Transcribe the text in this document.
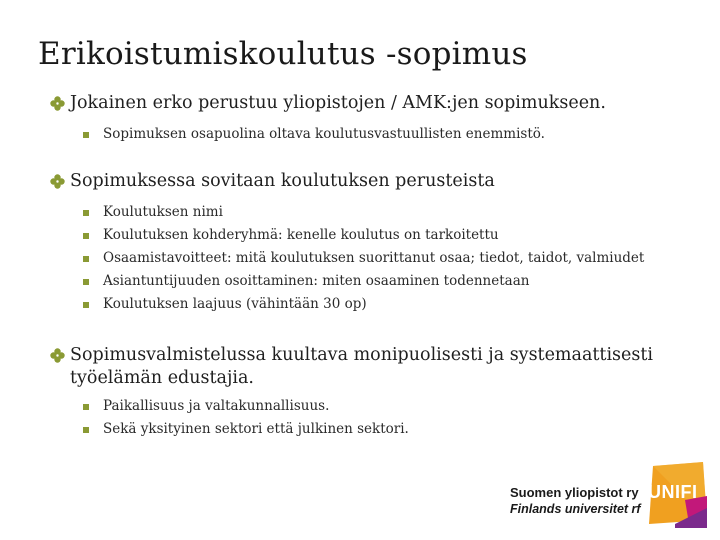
Erikoistumiskoulutus -sopimus
Jokainen erko perustuu yliopistojen / AMK:jen sopimukseen.
Sopimuksen osapuolina oltava koulutusvastuullisten enemmistö.
Sopimuksessa sovitaan koulutuksen perusteista
Koulutuksen nimi
Koulutuksen kohderyhmä: kenelle koulutus on tarkoitettu
Osaamistavoitteet: mitä koulutuksen suorittanut osaa; tiedot, taidot, valmiudet
Asiantuntijuuden osoittaminen: miten osaaminen todennetaan
Koulutuksen laajuus (vähintään 30 op)
Sopimusvalmistelussa kuultava monipuolisesti ja systemaattisesti työelämän edustajia.
Paikallisuus ja valtakunnallisuus.
Sekä yksityinen sektori että julkinen sektori.
Suomen yliopistot ry
Finlands universitet rf
UNIFI
